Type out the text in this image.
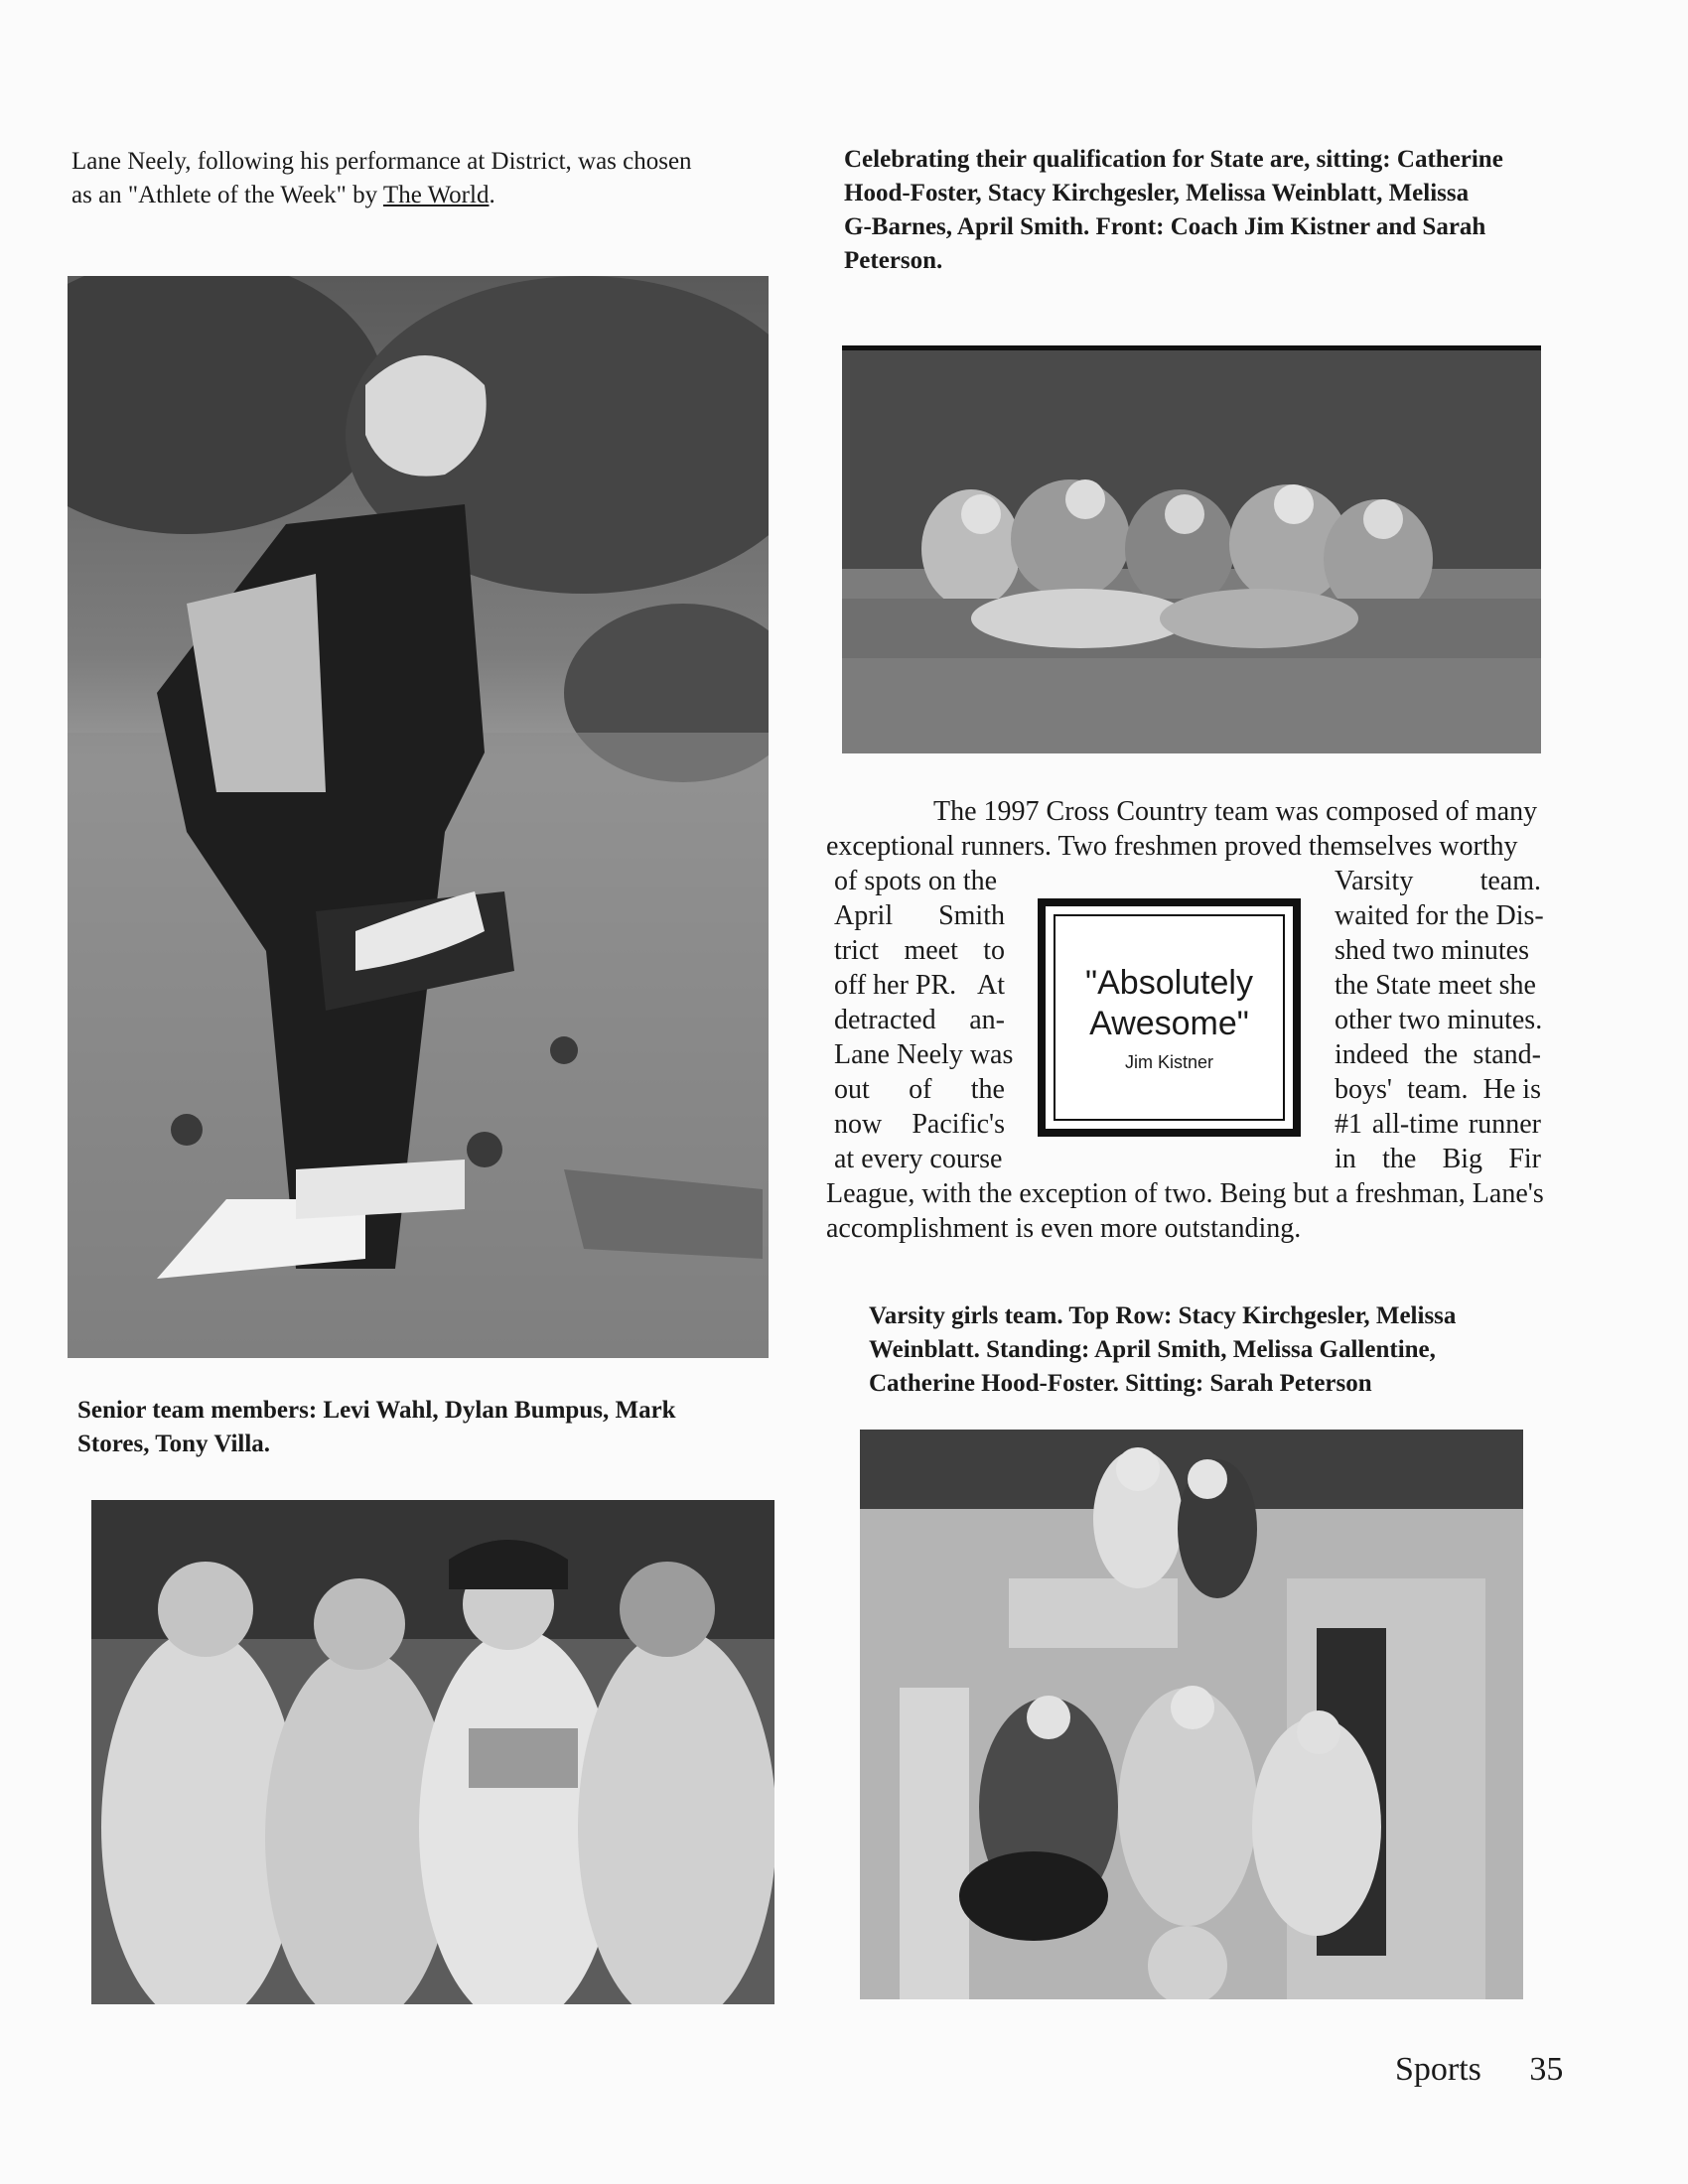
Lane Neely, following his performance at District, was chosen
as an "Athlete of the Week" by The World.
Celebrating their qualification for State are, sitting: Catherine
Hood-Foster, Stacy Kirchgesler, Melissa Weinblatt, Melissa
G-Barnes, April Smith. Front: Coach Jim Kistner and Sarah
Peterson.
The 1997 Cross Country team was composed of many
exceptional runners. Two freshmen proved themselves worthy
of spots on the
April Smith
trict meet to
off her PR. At
detracted an-
Lane Neely was
out of the
now Pacific's
at every course
Varsity team.
waited for the Dis-
shed two minutes
the State meet she
other two minutes.
indeed the stand-
boys' team. He is
#1 all-time runner
in the Big Fir
League, with the exception of two. Being but a freshman, Lane's
accomplishment is even more outstanding.
"Absolutely
Awesome"
Jim Kistner
Varsity girls team. Top Row: Stacy Kirchgesler, Melissa
Weinblatt. Standing: April Smith, Melissa Gallentine,
Catherine Hood-Foster. Sitting: Sarah Peterson
Senior team members: Levi Wahl, Dylan Bumpus, Mark
Stores, Tony Villa.
Sports 35
